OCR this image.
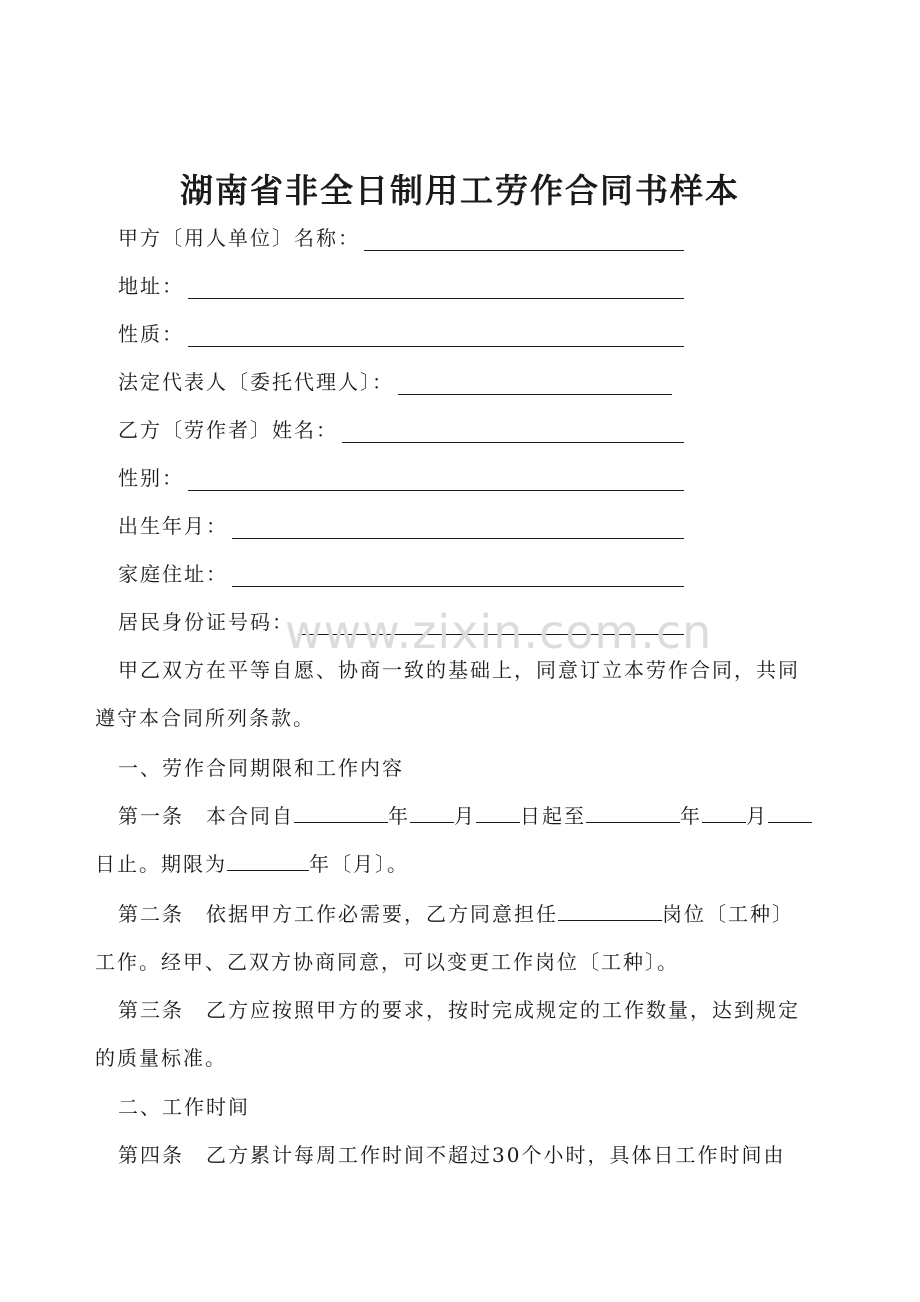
湖南省非全日制用工劳作合同书样本
甲方〔用人单位〕名称：
地址：
性质：
法定代表人〔委托代理人〕：
乙方〔劳作者〕姓名：
性别：
出生年月：
家庭住址：
居民身份证号码：
www.zixin.com.cn
甲乙双方在平等自愿、协商一致的基础上，同意订立本劳作合同，共同
遵守本合同所列条款。
一、劳作合同期限和工作内容
第一条　本合同自	年 月 日起至	年 月
日止。期限为	年〔月〕。
第二条　依据甲方工作必需要，乙方同意担任	岗位〔工种〕
工作。经甲、乙双方协商同意，可以变更工作岗位〔工种〕。
第三条　乙方应按照甲方的要求，按时完成规定的工作数量，达到规定
的质量标准。
二、工作时间
第四条　乙方累计每周工作时间不超过30个小时，具体日工作时间由
